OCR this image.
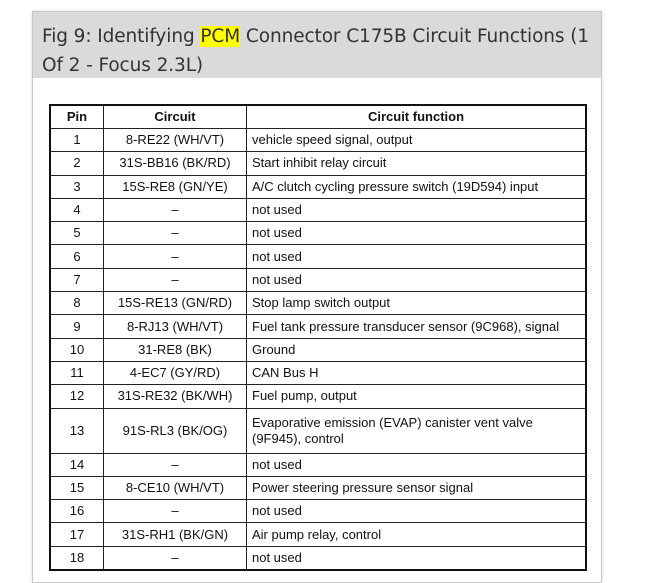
Fig 9: Identifying PCM Connector C175B Circuit Functions (1 Of 2 - Focus 2.3L)
Pin	Circuit	Circuit function
1	8-RE22 (WH/VT)	vehicle speed signal, output
2	31S-BB16 (BK/RD)	Start inhibit relay circuit
3	15S-RE8 (GN/YE)	A/C clutch cycling pressure switch (19D594) input
4	–	not used
5	–	not used
6	–	not used
7	–	not used
8	15S-RE13 (GN/RD)	Stop lamp switch output
9	8-RJ13 (WH/VT)	Fuel tank pressure transducer sensor (9C968), signal
10	31-RE8 (BK)	Ground
11	4-EC7 (GY/RD)	CAN Bus H
12	31S-RE32 (BK/WH)	Fuel pump, output
13	91S-RL3 (BK/OG)	Evaporative emission (EVAP) canister vent valve (9F945), control
14	–	not used
15	8-CE10 (WH/VT)	Power steering pressure sensor signal
16	–	not used
17	31S-RH1 (BK/GN)	Air pump relay, control
18	–	not used
